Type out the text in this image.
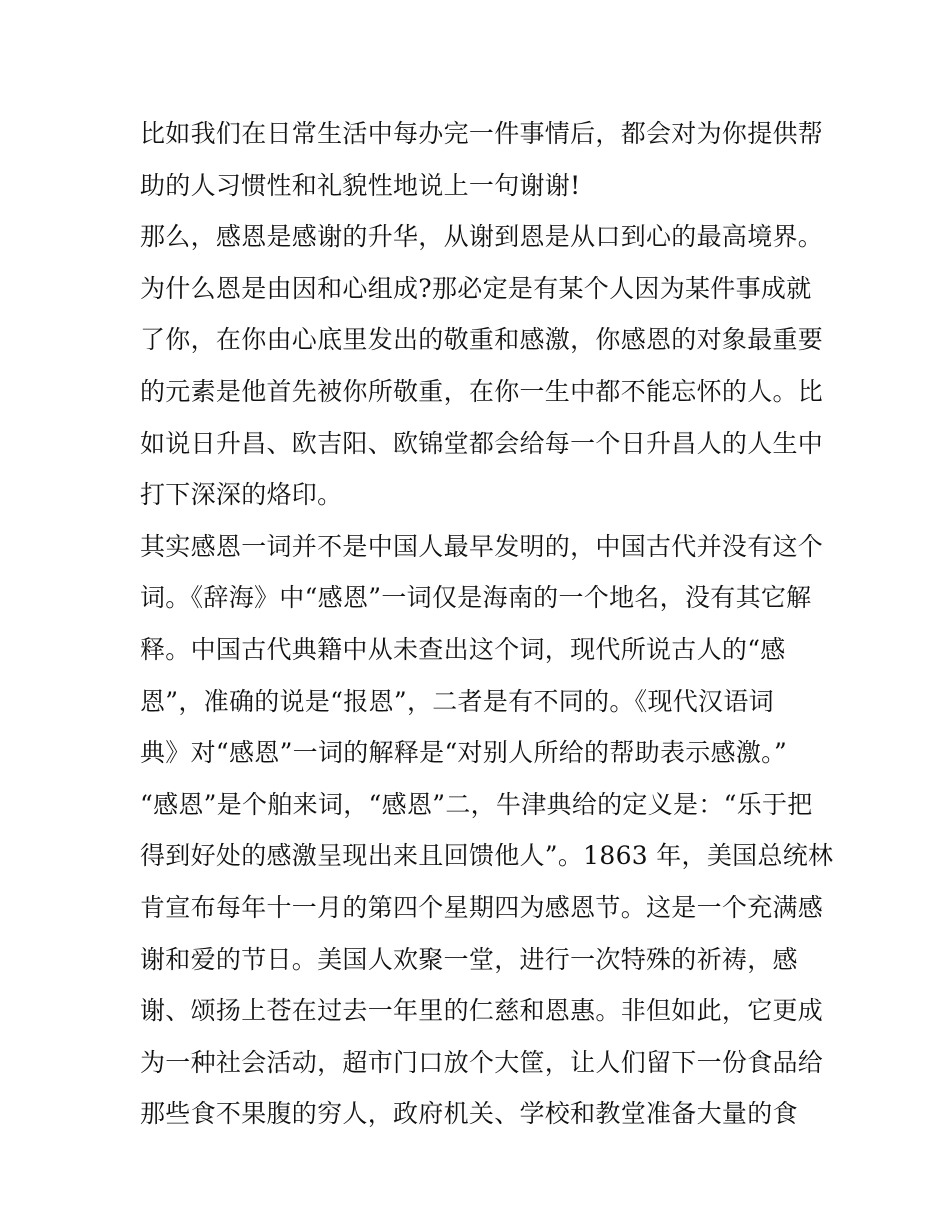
比如我们在日常生活中每办完一件事情后，都会对为你提供帮
助的人习惯性和礼貌性地说上一句谢谢!
那么，感恩是感谢的升华，从谢到恩是从口到心的最高境界。
为什么恩是由因和心组成?那必定是有某个人因为某件事成就
了你，在你由心底里发出的敬重和感激，你感恩的对象最重要
的元素是他首先被你所敬重，在你一生中都不能忘怀的人。比
如说日升昌、欧吉阳、欧锦堂都会给每一个日升昌人的人生中
打下深深的烙印。
其实感恩一词并不是中国人最早发明的，中国古代并没有这个
词。《辞海》中“感恩”一词仅是海南的一个地名，没有其它解
释。中国古代典籍中从未查出这个词，现代所说古人的“感
恩”，准确的说是“报恩”，二者是有不同的。《现代汉语词
典》对“感恩”一词的解释是“对别人所给的帮助表示感激。”
“感恩”是个舶来词，“感恩”二，牛津典给的定义是：“乐于把
得到好处的感激呈现出来且回馈他人”。1863 年，美国总统林
肯宣布每年十一月的第四个星期四为感恩节。这是一个充满感
谢和爱的节日。美国人欢聚一堂，进行一次特殊的祈祷，感
谢、颂扬上苍在过去一年里的仁慈和恩惠。非但如此，它更成
为一种社会活动，超市门口放个大筐，让人们留下一份食品给
那些食不果腹的穷人，政府机关、学校和教堂准备大量的食
